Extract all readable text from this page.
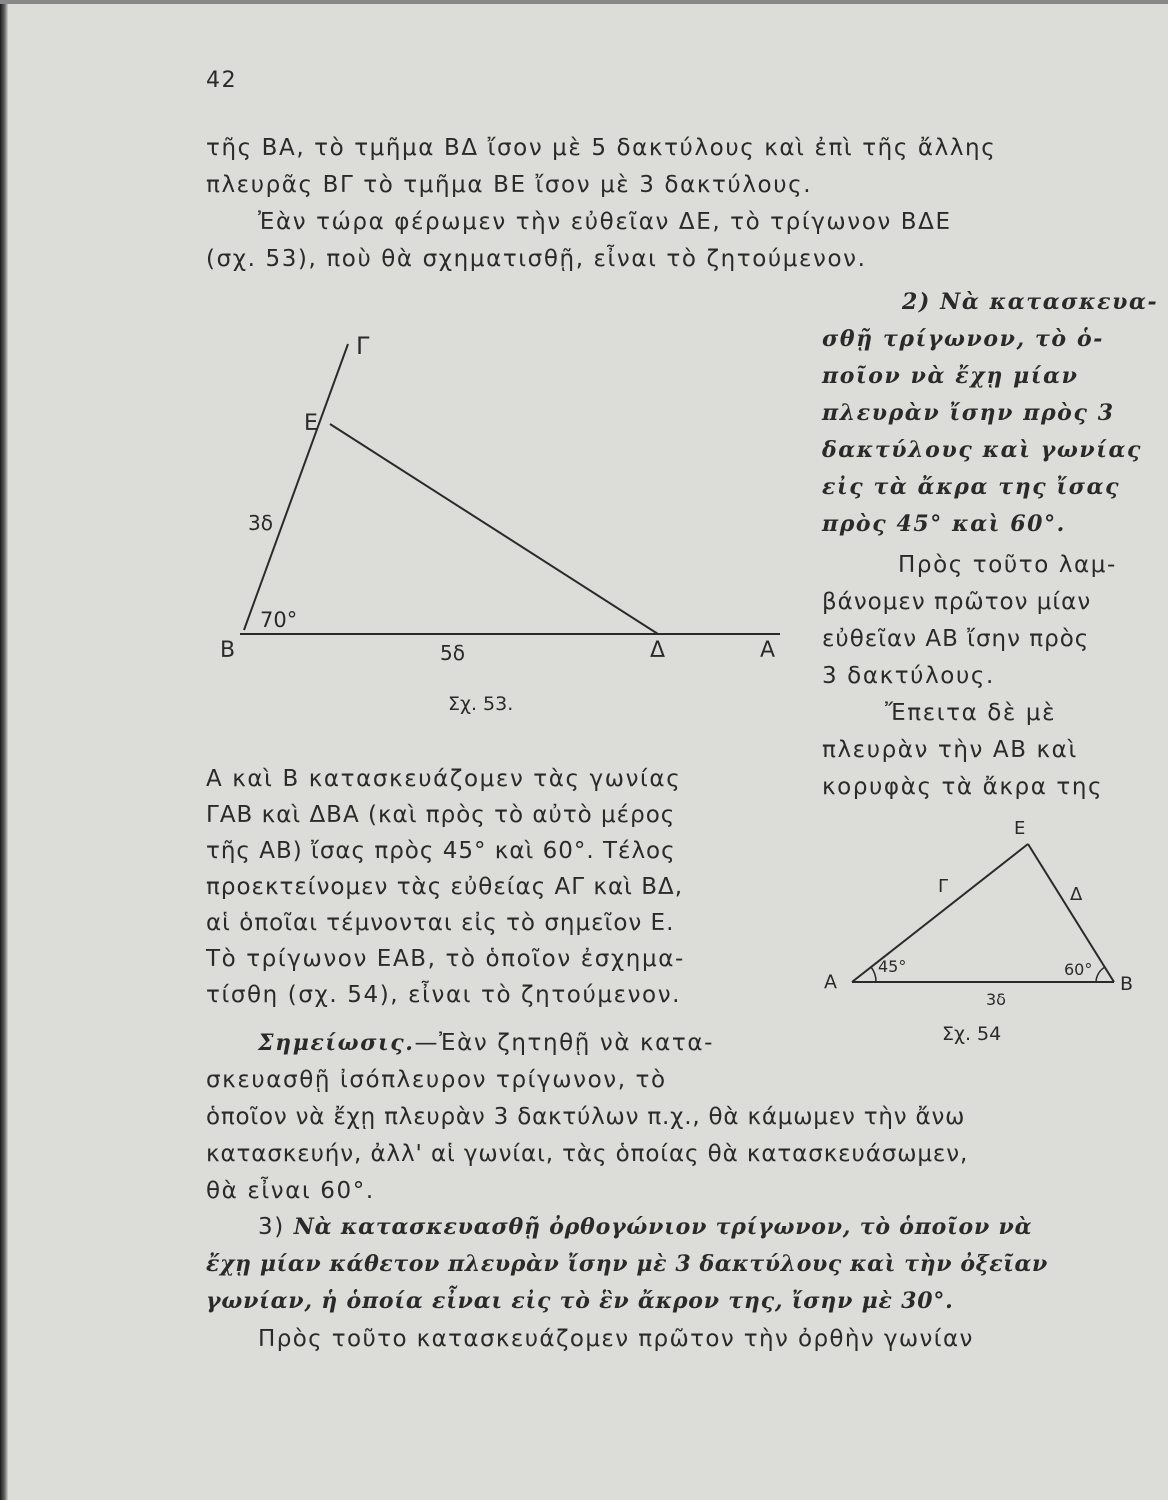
42
τῆς ΒΑ, τὸ τμῆμα ΒΔ ἴσον μὲ 5 δακτύλους καὶ ἐπὶ τῆς ἄλλης
πλευρᾶς ΒΓ τὸ τμῆμα ΒΕ ἴσον μὲ 3 δακτύλους.
Ἐὰν τώρα φέρωμεν τὴν εὐθεῖαν ΔΕ, τὸ τρίγωνον ΒΔΕ
(σχ. 53), ποὺ θὰ σχηματισθῇ, εἶναι τὸ ζητούμενον.
2) Νὰ κατασκευα-
σθῇ τρίγωνον, τὸ ὁ-
ποῖον νὰ ἔχῃ μίαν
πλευρὰν ἴσην πρὸς 3
δακτύλους καὶ γωνίας
εἰς τὰ ἄκρα της ἴσας
πρὸς 45° καὶ 60°.
Πρὸς τοῦτο λαμ-
βάνομεν πρῶτον μίαν
εὐθεῖαν ΑΒ ἴσην πρὸς
3 δακτύλους.
Ἔπειτα δὲ μὲ
πλευρὰν τὴν ΑΒ καὶ
κορυφὰς τὰ ἄκρα της
Γ
Ε
3δ
70°
Β	5δ	Δ	Α
Σχ. 53.
Α καὶ Β κατασκευάζομεν τὰς γωνίας
ΓΑΒ καὶ ΔΒΑ (καὶ πρὸς τὸ αὐτὸ μέρος
τῆς ΑΒ) ἴσας πρὸς 45° καὶ 60°. Τέλος
προεκτείνομεν τὰς εὐθείας ΑΓ καὶ ΒΔ,
αἱ ὁποῖαι τέμνονται εἰς τὸ σημεῖον Ε.
Τὸ τρίγωνον ΕΑΒ, τὸ ὁποῖον ἐσχημα-
τίσθη (σχ. 54), εἶναι τὸ ζητούμενον.
Ε
Γ	Δ
45°	60°
Α	Β
3δ
Σχ. 54
Σημείωσις.—Ἐὰν ζητηθῇ νὰ κατα-
σκευασθῇ ἰσόπλευρον τρίγωνον, τὸ
ὁποῖον νὰ ἔχῃ πλευρὰν 3 δακτύλων π.χ., θὰ κάμωμεν τὴν ἄνω
κατασκευήν, ἀλλ' αἱ γωνίαι, τὰς ὁποίας θὰ κατασκευάσωμεν,
θὰ εἶναι 60°.
3) Νὰ κατασκευασθῇ ὀρθογώνιον τρίγωνον, τὸ ὁποῖον νὰ
ἔχῃ μίαν κάθετον πλευρὰν ἴσην μὲ 3 δακτύλους καὶ τὴν ὀξεῖαν
γωνίαν, ἡ ὁποία εἶναι εἰς τὸ ἓν ἄκρον της, ἴσην μὲ 30°.
Πρὸς τοῦτο κατασκευάζομεν πρῶτον τὴν ὀρθὴν γωνίαν
